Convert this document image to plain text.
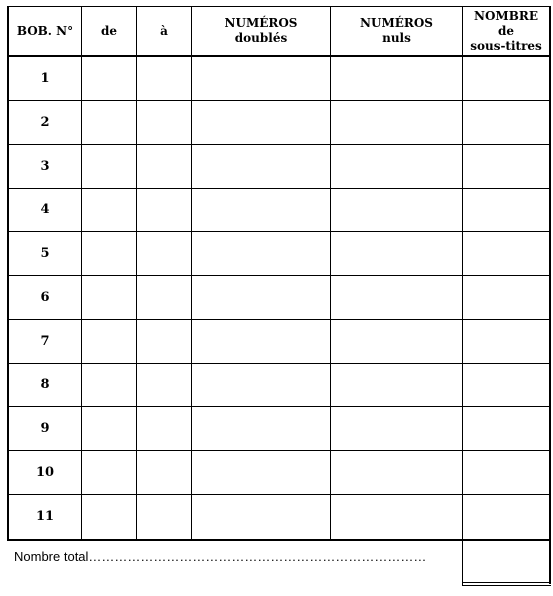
BOB. N°	de	à
NUMÉROS
doublés
NUMÉROS
nuls
NOMBRE
de
sous-titres
1
2
3
4
5
6
7
8
9
10
11
Nombre total……………………………………………………………………
